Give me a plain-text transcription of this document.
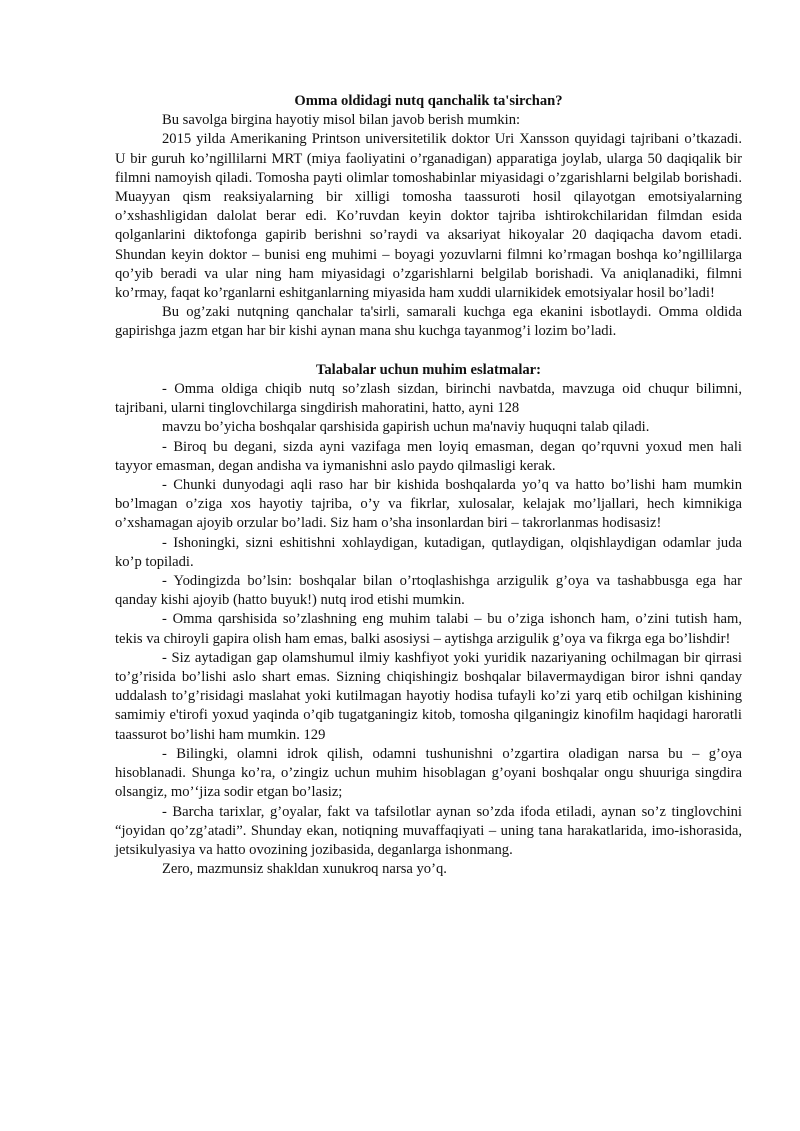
Omma oldidagi nutq qanchalik ta'sirchan?

Bu savolga birgina hayotiy misol bilan javob berish mumkin:

2015 yilda Amerikaning Printson universitetilik doktor Uri Xansson quyidagi tajribani o’tkazadi. U bir guruh ko’ngillilarni MRT (miya faoliyatini o’rganadigan) apparatiga joylab, ularga 50 daqiqalik bir filmni namoyish qiladi. Tomosha payti olimlar tomoshabinlar miyasidagi o’zgarishlarni belgilab borishadi. Muayyan qism reaksiyalarning bir xilligi tomosha taassuroti hosil qilayotgan emotsiyalarning o’xshashligidan dalolat berar edi. Ko’ruvdan keyin doktor tajriba ishtirokchilaridan filmdan esida qolganlarini diktofonga gapirib berishni so’raydi va aksariyat hikoyalar 20 daqiqacha davom etadi. Shundan keyin doktor – bunisi eng muhimi – boyagi yozuvlarni filmni ko’rmagan boshqa ko’ngillilarga qo’yib beradi va ular ning ham miyasidagi o’zgarishlarni belgilab borishadi. Va aniqlanadiki, filmni ko’rmay, faqat ko’rganlarni eshitganlarning miyasida ham xuddi ularnikidek emotsiyalar hosil bo’ladi!

Bu og’zaki nutqning qanchalar ta'sirli, samarali kuchga ega ekanini isbotlaydi. Omma oldida gapirishga jazm etgan har bir kishi aynan mana shu kuchga tayanmog’i lozim bo’ladi.

Talabalar uchun muhim eslatmalar:

- Omma oldiga chiqib nutq so’zlash sizdan, birinchi navbatda, mavzuga oid chuqur bilimni, tajribani, ularni tinglovchilarga singdirish mahoratini, hatto, ayni 128

mavzu bo’yicha boshqalar qarshisida gapirish uchun ma'naviy huquqni talab qiladi.

- Biroq bu degani, sizda ayni vazifaga men loyiq emasman, degan qo’rquvni yoxud men hali tayyor emasman, degan andisha va iymanishni aslo paydo qilmasligi kerak.

- Chunki dunyodagi aqli raso har bir kishida boshqalarda yo’q va hatto bo’lishi ham mumkin bo’lmagan o’ziga xos hayotiy tajriba, o’y va fikrlar, xulosalar, kelajak mo’ljallari, hech kimnikiga o’xshamagan ajoyib orzular bo’ladi. Siz ham o’sha insonlardan biri – takrorlanmas hodisasiz!

- Ishoningki, sizni eshitishni xohlaydigan, kutadigan, qutlaydigan, olqishlaydigan odamlar juda ko’p topiladi.

- Yodingizda bo’lsin: boshqalar bilan o’rtoqlashishga arzigulik g’oya va tashabbusga ega har qanday kishi ajoyib (hatto buyuk!) nutq irod etishi mumkin.

- Omma qarshisida so’zlashning eng muhim talabi – bu o’ziga ishonch ham, o’zini tutish ham, tekis va chiroyli gapira olish ham emas, balki asosiysi – aytishga arzigulik g’oya va fikrga ega bo’lishdir!

- Siz aytadigan gap olamshumul ilmiy kashfiyot yoki yuridik nazariyaning ochilmagan bir qirrasi to’g’risida bo’lishi aslo shart emas. Sizning chiqishingiz boshqalar bilavermaydigan biror ishni qanday uddalash to’g’risidagi maslahat yoki kutilmagan hayotiy hodisa tufayli ko’zi yarq etib ochilgan kishining samimiy e'tirofi yoxud yaqinda o’qib tugatganingiz kitob, tomosha qilganingiz kinofilm haqidagi haroratli taassurot bo’lishi ham mumkin. 129

- Bilingki, olamni idrok qilish, odamni tushunishni o’zgartira oladigan narsa bu – g’oya hisoblanadi. Shunga ko’ra, o’zingiz uchun muhim hisoblagan g’oyani boshqalar ongu shuuriga singdira olsangiz, mo’‘jiza sodir etgan bo’lasiz;

- Barcha tarixlar, g’oyalar, fakt va tafsilotlar aynan so’zda ifoda etiladi, aynan so’z tinglovchini “joyidan qo’zg’atadi”. Shunday ekan, notiqning muvaffaqiyati – uning tana harakatlarida, imo-ishorasida, jetsikulyasiya va hatto ovozining jozibasida, deganlarga ishonmang.

Zero, mazmunsiz shakldan xunukroq narsa yo’q.
